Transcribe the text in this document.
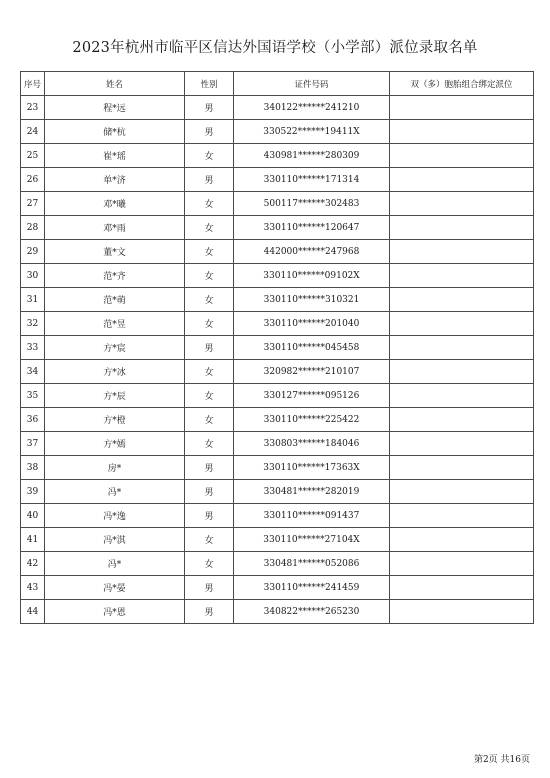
2023年杭州市临平区信达外国语学校（小学部）派位录取名单
序号	姓名	性别	证件号码	双（多）胞胎组合绑定派位
23	程*远	男	340122******241210	
24	储*杭	男	330522******19411X	
25	崔*瑶	女	430981******280309	
26	单*济	男	330110******171314	
27	邓*曦	女	500117******302483	
28	邓*雨	女	330110******120647	
29	董*文	女	442000******247968	
30	范*齐	女	330110******09102X	
31	范*萌	女	330110******310321	
32	范*昱	女	330110******201040	
33	方*宸	男	330110******045458	
34	方*冰	女	320982******210107	
35	方*辰	女	330127******095126	
36	方*橙	女	330110******225422	
37	方*嫣	女	330803******184046	
38	房*	男	330110******17363X	
39	冯*	男	330481******282019	
40	冯*逸	男	330110******091437	
41	冯*淇	女	330110******27104X	
42	冯*	女	330481******052086	
43	冯*晏	男	330110******241459	
44	冯*恩	男	340822******265230	
第2页 共16页
